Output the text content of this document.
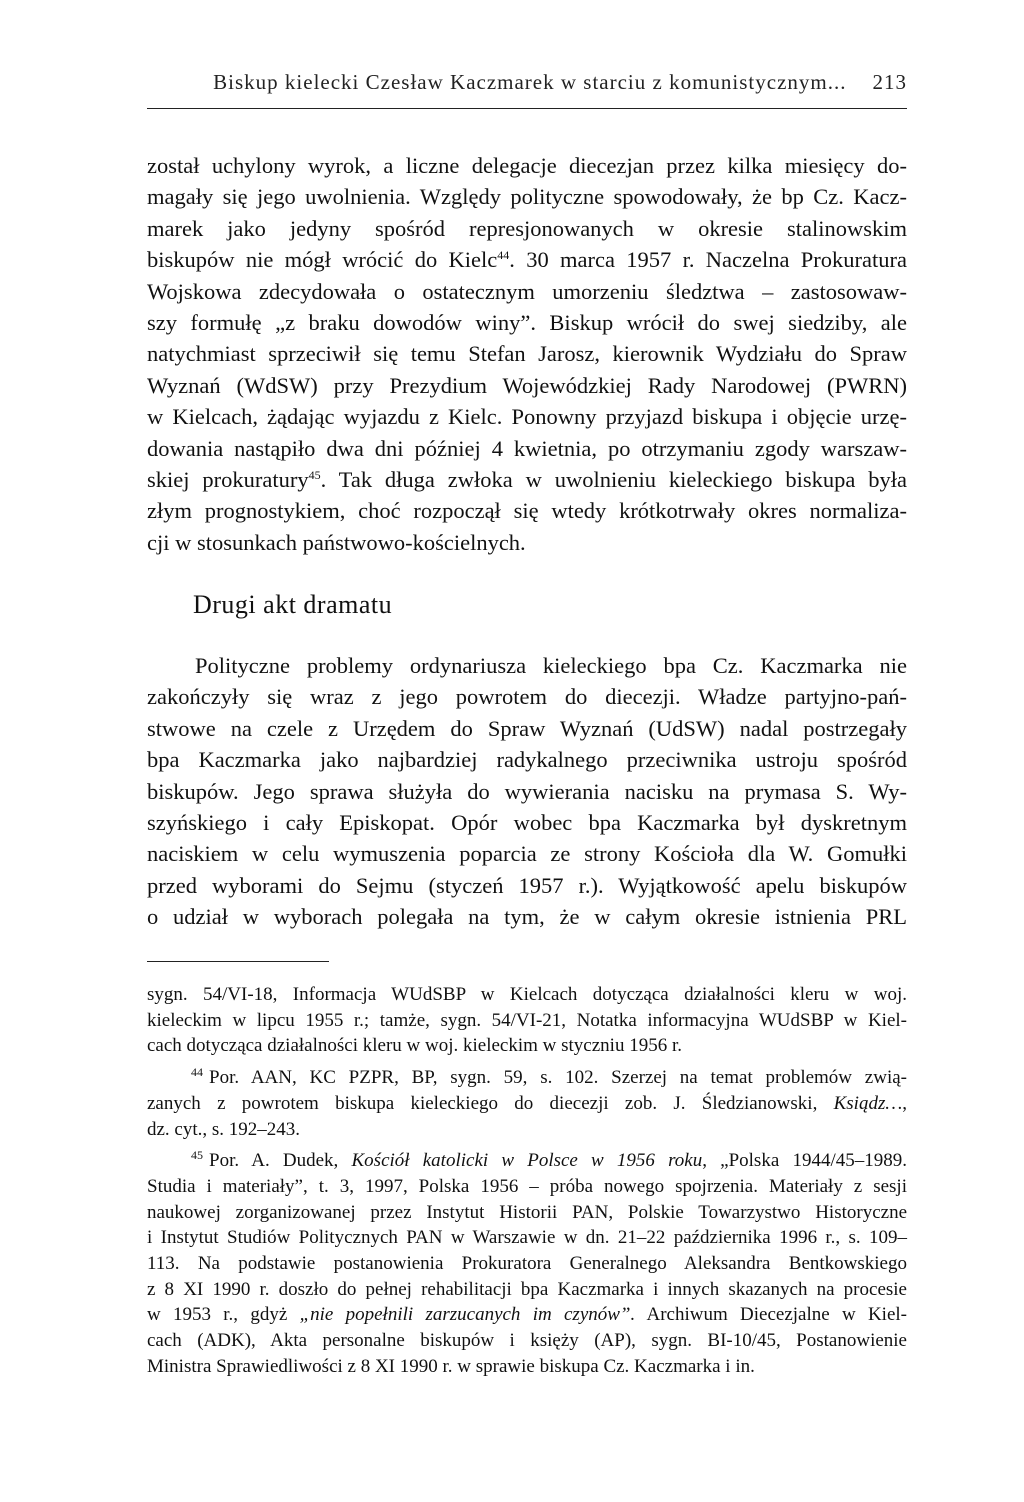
Biskup kielecki Czesław Kaczmarek w starciu z komunistycznym... 213

został uchylony wyrok, a liczne delegacje diecezjan przez kilka miesięcy do-
magały się jego uwolnienia. Względy polityczne spowodowały, że bp Cz. Kacz-
marek jako jedyny spośród represjonowanych w okresie stalinowskim
biskupów nie mógł wrócić do Kielc$^{44}$. 30 marca 1957 r. Naczelna Prokuratura
Wojskowa zdecydowała o ostatecznym umorzeniu śledztwa – zastosowaw-
szy formułę „z braku dowodów winy”. Biskup wrócił do swej siedziby, ale
natychmiast sprzeciwił się temu Stefan Jarosz, kierownik Wydziału do Spraw
Wyznań (WdSW) przy Prezydium Wojewódzkiej Rady Narodowej (PWRN)
w Kielcach, żądając wyjazdu z Kielc. Ponowny przyjazd biskupa i objęcie urzę-
dowania nastąpiło dwa dni później 4 kwietnia, po otrzymaniu zgody warszaw-
skiej prokuratury$^{45}$. Tak długa zwłoka w uwolnieniu kieleckiego biskupa była
złym prognostykiem, choć rozpoczął się wtedy krótkotrwały okres normaliza-
cji w stosunkach państwowo-kościelnych.

Drugi akt dramatu

Polityczne problemy ordynariusza kieleckiego bpa Cz. Kaczmarka nie
zakończyły się wraz z jego powrotem do diecezji. Władze partyjno-pań-
stwowe na czele z Urzędem do Spraw Wyznań (UdSW) nadal postrzegały
bpa Kaczmarka jako najbardziej radykalnego przeciwnika ustroju spośród
biskupów. Jego sprawa służyła do wywierania nacisku na prymasa S. Wy-
szyńskiego i cały Episkopat. Opór wobec bpa Kaczmarka był dyskretnym
naciskiem w celu wymuszenia poparcia ze strony Kościoła dla W. Gomułki
przed wyborami do Sejmu (styczeń 1957 r.). Wyjątkowość apelu biskupów
o udział w wyborach polegała na tym, że w całym okresie istnienia PRL

sygn. 54/VI-18, Informacja WUdSBP w Kielcach dotycząca działalności kleru w woj.
kieleckim w lipcu 1955 r.; tamże, sygn. 54/VI-21, Notatka informacyjna WUdSBP w Kiel-
cach dotycząca działalności kleru w woj. kieleckim w styczniu 1956 r.

$^{44}$ Por. AAN, KC PZPR, BP, sygn. 59, s. 102. Szerzej na temat problemów zwią-
zanych z powrotem biskupa kieleckiego do diecezji zob. J. Śledzianowski, Ksiądz…,
dz. cyt., s. 192–243.

$^{45}$ Por. A. Dudek, Kościół katolicki w Polsce w 1956 roku, „Polska 1944/45–1989.
Studia i materiały”, t. 3, 1997, Polska 1956 – próba nowego spojrzenia. Materiały z sesji
naukowej zorganizowanej przez Instytut Historii PAN, Polskie Towarzystwo Historyczne
i Instytut Studiów Politycznych PAN w Warszawie w dn. 21–22 października 1996 r., s. 109–
113. Na podstawie postanowienia Prokuratora Generalnego Aleksandra Bentkowskiego
z 8 XI 1990 r. doszło do pełnej rehabilitacji bpa Kaczmarka i innych skazanych na procesie
w 1953 r., gdyż „nie popełnili zarzucanych im czynów”. Archiwum Diecezjalne w Kiel-
cach (ADK), Akta personalne biskupów i księży (AP), sygn. BI-10/45, Postanowienie
Ministra Sprawiedliwości z 8 XI 1990 r. w sprawie biskupa Cz. Kaczmarka i in.
